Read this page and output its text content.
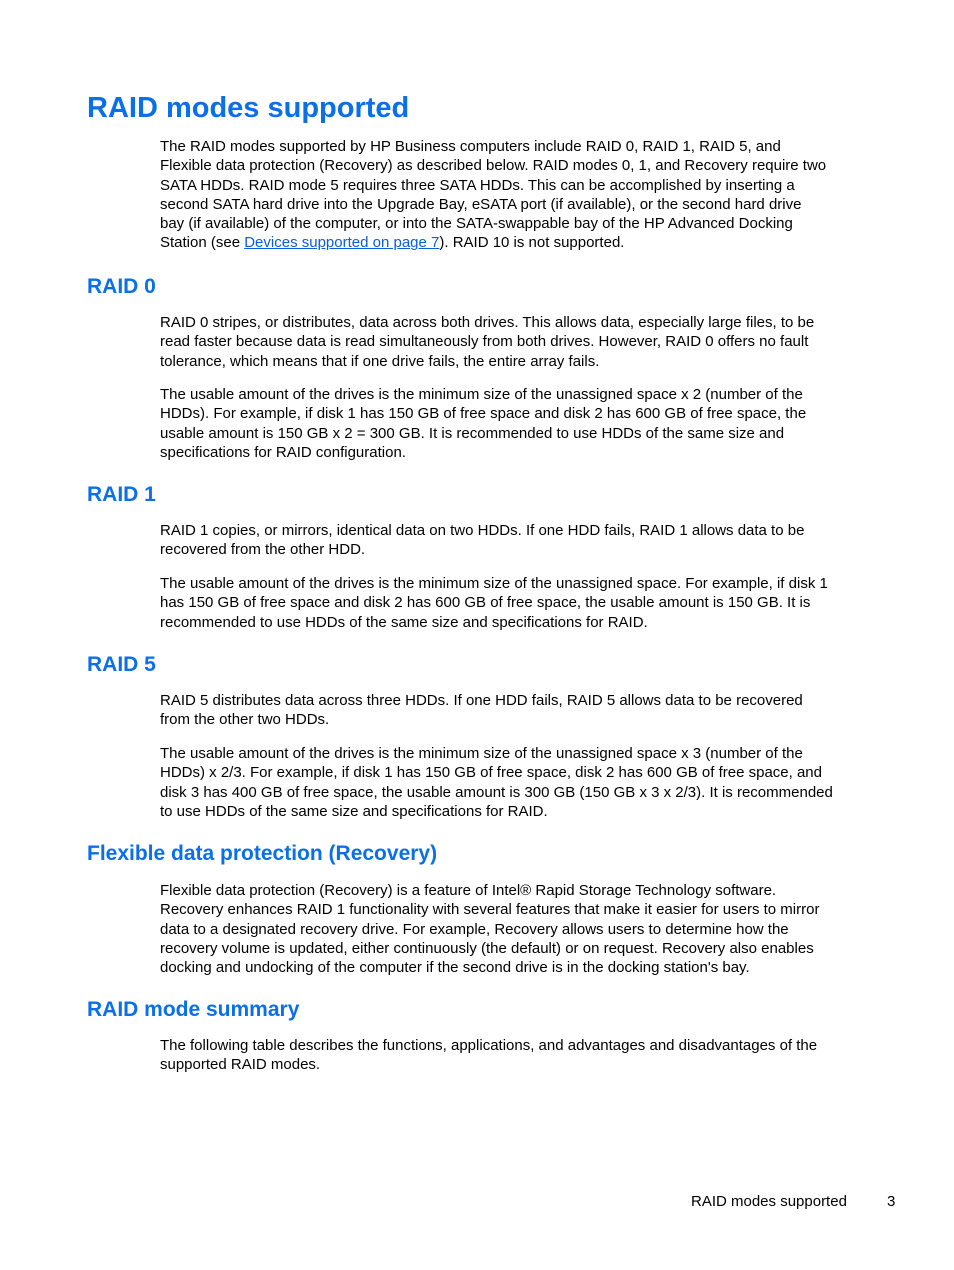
RAID modes supported
The RAID modes supported by HP Business computers include RAID 0, RAID 1, RAID 5, and
Flexible data protection (Recovery) as described below. RAID modes 0, 1, and Recovery require two
SATA HDDs. RAID mode 5 requires three SATA HDDs. This can be accomplished by inserting a
second SATA hard drive into the Upgrade Bay, eSATA port (if available), or the second hard drive
bay (if available) of the computer, or into the SATA-swappable bay of the HP Advanced Docking
Station (see Devices supported on page 7). RAID 10 is not supported.
RAID 0
RAID 0 stripes, or distributes, data across both drives. This allows data, especially large files, to be
read faster because data is read simultaneously from both drives. However, RAID 0 offers no fault
tolerance, which means that if one drive fails, the entire array fails.
The usable amount of the drives is the minimum size of the unassigned space x 2 (number of the
HDDs). For example, if disk 1 has 150 GB of free space and disk 2 has 600 GB of free space, the
usable amount is 150 GB x 2 = 300 GB. It is recommended to use HDDs of the same size and
specifications for RAID configuration.
RAID 1
RAID 1 copies, or mirrors, identical data on two HDDs. If one HDD fails, RAID 1 allows data to be
recovered from the other HDD.
The usable amount of the drives is the minimum size of the unassigned space. For example, if disk 1
has 150 GB of free space and disk 2 has 600 GB of free space, the usable amount is 150 GB. It is
recommended to use HDDs of the same size and specifications for RAID.
RAID 5
RAID 5 distributes data across three HDDs. If one HDD fails, RAID 5 allows data to be recovered
from the other two HDDs.
The usable amount of the drives is the minimum size of the unassigned space x 3 (number of the
HDDs) x 2/3. For example, if disk 1 has 150 GB of free space, disk 2 has 600 GB of free space, and
disk 3 has 400 GB of free space, the usable amount is 300 GB (150 GB x 3 x 2/3). It is recommended
to use HDDs of the same size and specifications for RAID.
Flexible data protection (Recovery)
Flexible data protection (Recovery) is a feature of Intel® Rapid Storage Technology software.
Recovery enhances RAID 1 functionality with several features that make it easier for users to mirror
data to a designated recovery drive. For example, Recovery allows users to determine how the
recovery volume is updated, either continuously (the default) or on request. Recovery also enables
docking and undocking of the computer if the second drive is in the docking station's bay.
RAID mode summary
The following table describes the functions, applications, and advantages and disadvantages of the
supported RAID modes.
RAID modes supported	3
